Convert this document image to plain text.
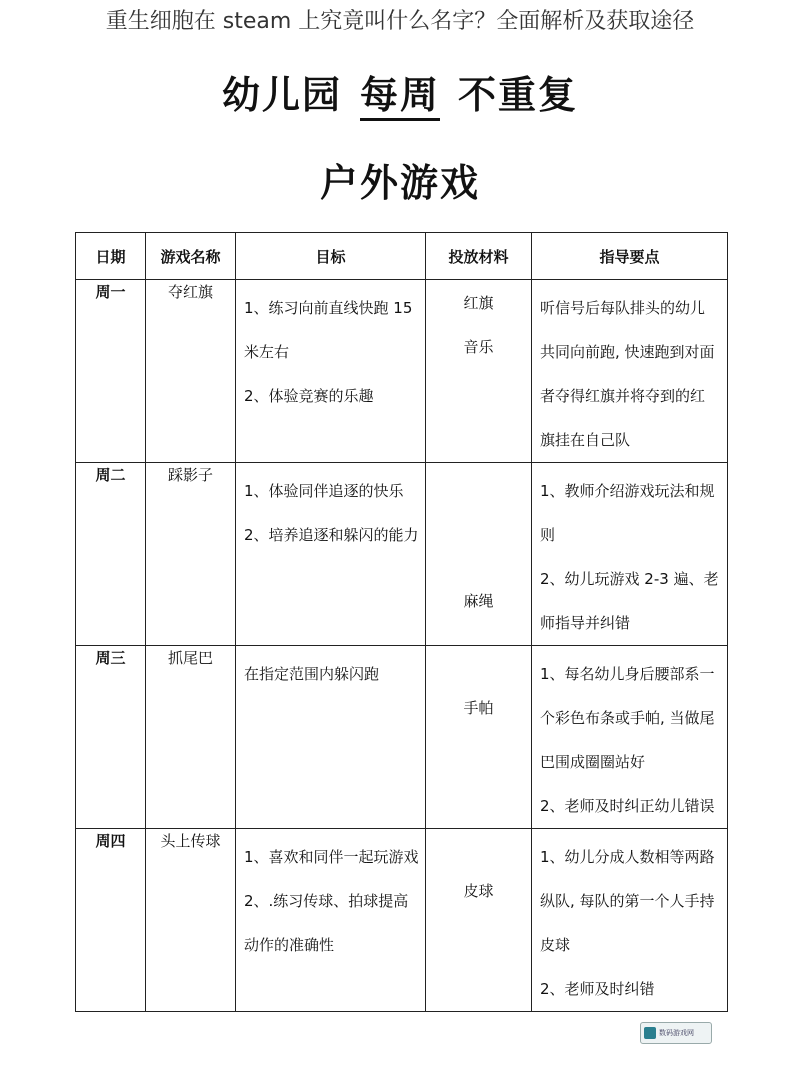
重生细胞在 steam 上究竟叫什么名字？全面解析及获取途径
幼儿园 每周 不重复
户外游戏
日期	游戏名称	目标	投放材料	指导要点
周一	夺红旗	1、练习向前直线快跑 15
米左右
2、体验竞赛的乐趣	红旗
音乐	听信号后每队排头的幼儿
共同向前跑, 快速跑到对面
者夺得红旗并将夺到的红
旗挂在自己队

周二	踩影子	1、体验同伴追逐的快乐
2、培养追逐和躲闪的能力	麻绳	1、教师介绍游戏玩法和规
则
2、幼儿玩游戏 2-3 遍、老
师指导并纠错

周三	抓尾巴	在指定范围内躲闪跑	手帕	1、每名幼儿身后腰部系一
个彩色布条或手帕, 当做尾
巴围成圈圈站好
2、老师及时纠正幼儿错误

周四	头上传球	1、喜欢和同伴一起玩游戏
2、.练习传球、拍球提高
动作的准确性	皮球	1、幼儿分成人数相等两路
纵队, 每队的第一个人手持
皮球
2、老师及时纠错
数码游戏网
